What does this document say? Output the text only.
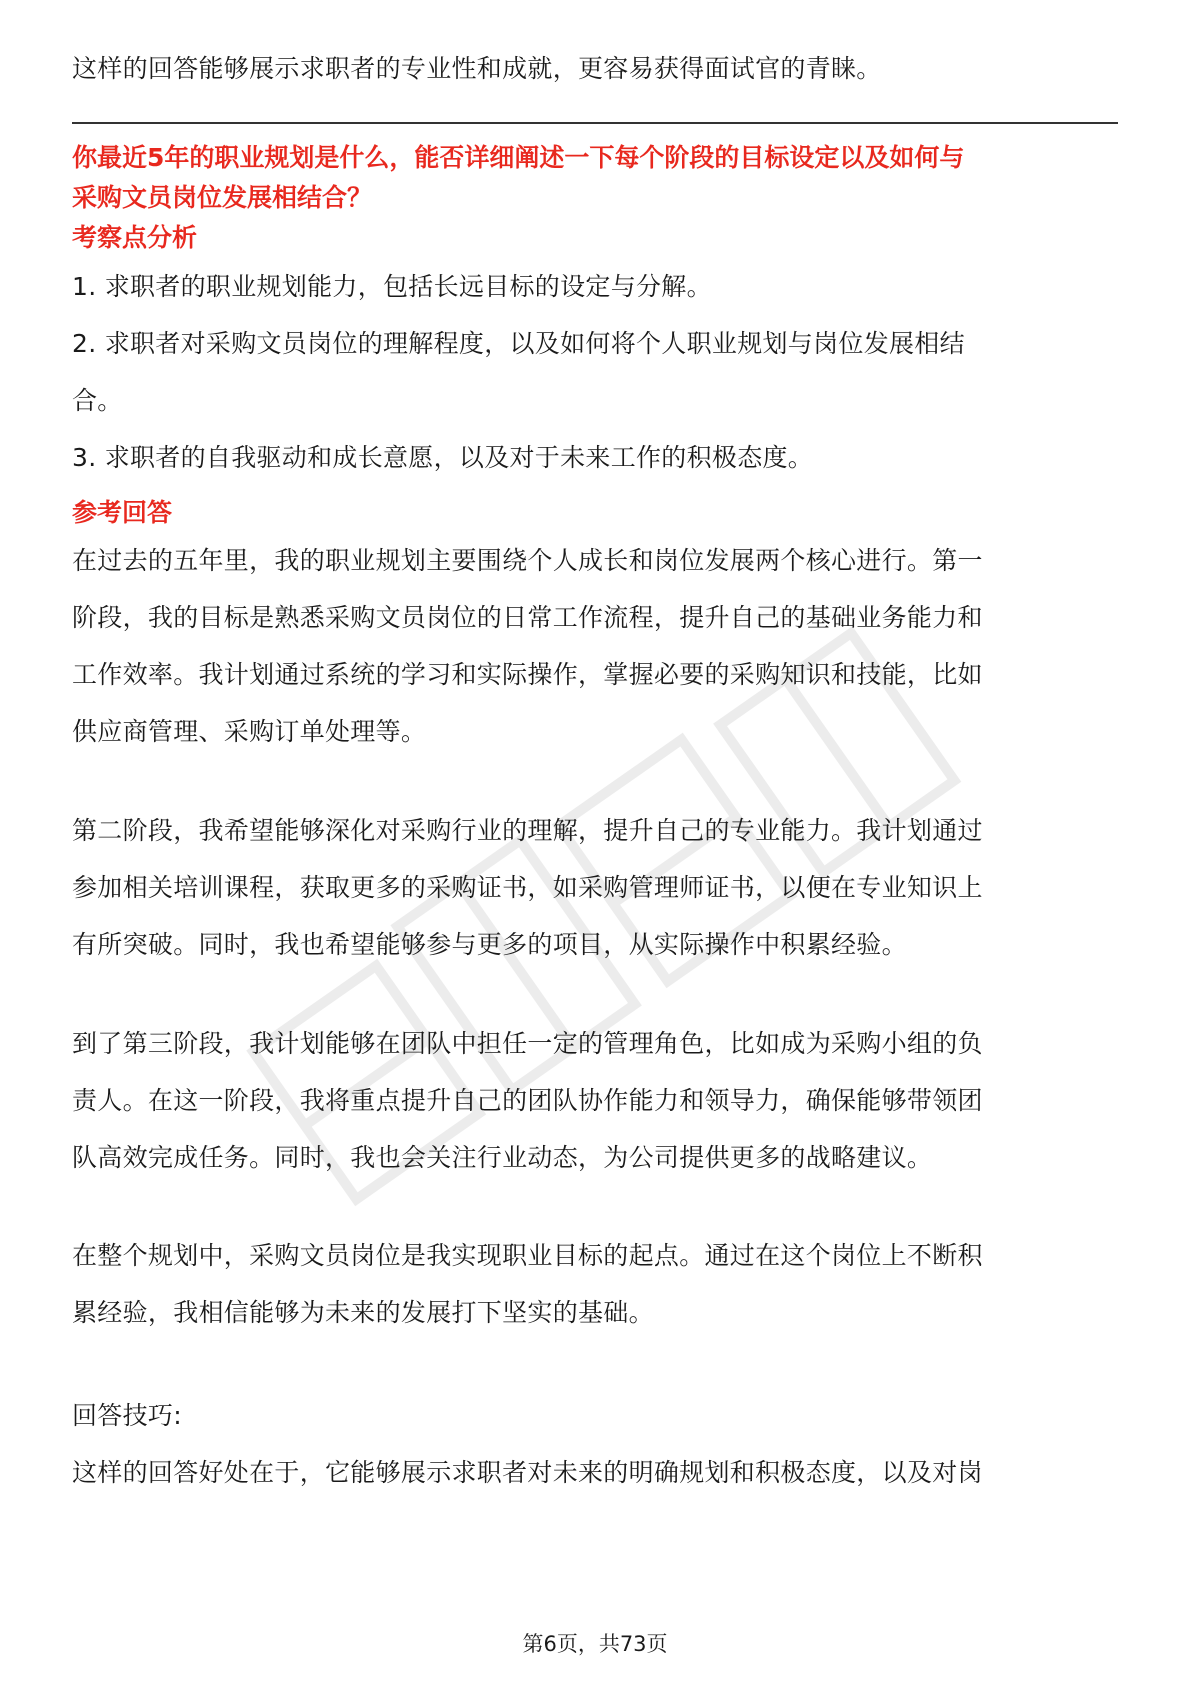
这样的回答能够展示求职者的专业性和成就，更容易获得面试官的青睐。
你最近5年的职业规划是什么，能否详细阐述一下每个阶段的目标设定以及如何与
采购文员岗位发展相结合？
考察点分析
1. 求职者的职业规划能力，包括长远目标的设定与分解。
2. 求职者对采购文员岗位的理解程度，以及如何将个人职业规划与岗位发展相结
合。
3. 求职者的自我驱动和成长意愿，以及对于未来工作的积极态度。
参考回答
在过去的五年里，我的职业规划主要围绕个人成长和岗位发展两个核心进行。第一
阶段，我的目标是熟悉采购文员岗位的日常工作流程，提升自己的基础业务能力和
工作效率。我计划通过系统的学习和实际操作，掌握必要的采购知识和技能，比如
供应商管理、采购订单处理等。
第二阶段，我希望能够深化对采购行业的理解，提升自己的专业能力。我计划通过
参加相关培训课程，获取更多的采购证书，如采购管理师证书，以便在专业知识上
有所突破。同时，我也希望能够参与更多的项目，从实际操作中积累经验。
到了第三阶段，我计划能够在团队中担任一定的管理角色，比如成为采购小组的负
责人。在这一阶段，我将重点提升自己的团队协作能力和领导力，确保能够带领团
队高效完成任务。同时，我也会关注行业动态，为公司提供更多的战略建议。
在整个规划中，采购文员岗位是我实现职业目标的起点。通过在这个岗位上不断积
累经验，我相信能够为未来的发展打下坚实的基础。
回答技巧:
这样的回答好处在于，它能够展示求职者对未来的明确规划和积极态度，以及对岗
第6页，共73页
